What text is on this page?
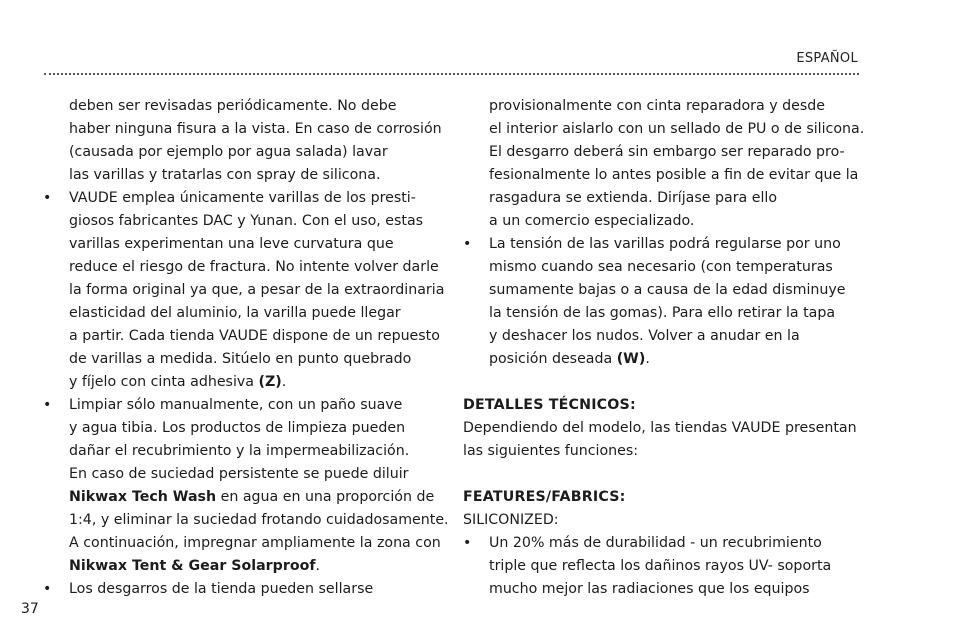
ESPAÑOL
deben ser revisadas periódicamente. No debe
haber ninguna fisura a la vista. En caso de corrosión
(causada por ejemplo por agua salada) lavar
las varillas y tratarlas con spray de silicona.
• VAUDE emplea únicamente varillas de los presti-
giosos fabricantes DAC y Yunan. Con el uso, estas
varillas experimentan una leve curvatura que
reduce el riesgo de fractura. No intente volver darle
la forma original ya que, a pesar de la extraordinaria
elasticidad del aluminio, la varilla puede llegar
a partir. Cada tienda VAUDE dispone de un repuesto
de varillas a medida. Sitúelo en punto quebrado
y fíjelo con cinta adhesiva (Z).
• Limpiar sólo manualmente, con un paño suave
y agua tibia. Los productos de limpieza pueden
dañar el recubrimiento y la impermeabilización.
En caso de suciedad persistente se puede diluir
Nikwax Tech Wash en agua en una proporción de
1:4, y eliminar la suciedad frotando cuidadosamente.
A continuación, impregnar ampliamente la zona con
Nikwax Tent & Gear Solarproof.
• Los desgarros de la tienda pueden sellarse
provisionalmente con cinta reparadora y desde
el interior aislarlo con un sellado de PU o de silicona.
El desgarro deberá sin embargo ser reparado pro-
fesionalmente lo antes posible a fin de evitar que la
rasgadura se extienda. Diríjase para ello
a un comercio especializado.
• La tensión de las varillas podrá regularse por uno
mismo cuando sea necesario (con temperaturas
sumamente bajas o a causa de la edad disminuye
la tensión de las gomas). Para ello retirar la tapa
y deshacer los nudos. Volver a anudar en la
posición deseada (W).
DETALLES TÉCNICOS:
Dependiendo del modelo, las tiendas VAUDE presentan
las siguientes funciones:
FEATURES/FABRICS:
SILICONIZED:
• Un 20% más de durabilidad - un recubrimiento
triple que reflecta los dañinos rayos UV- soporta
mucho mejor las radiaciones que los equipos
37
